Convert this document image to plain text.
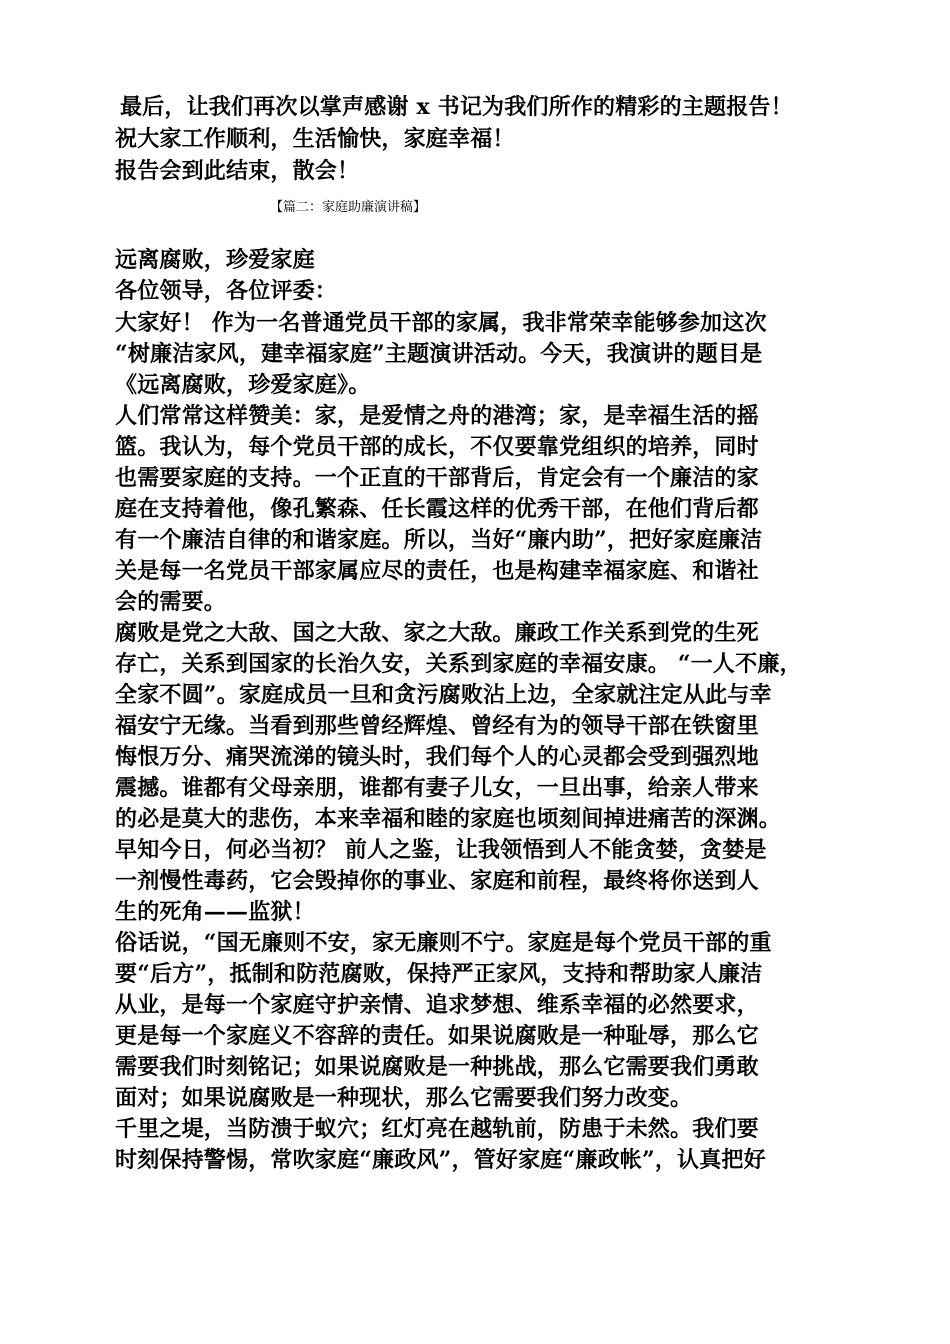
最后，让我们再次以掌声感谢 x 书记为我们所作的精彩的主题报告！
祝大家工作顺利，生活愉快，家庭幸福！
报告会到此结束，散会！
【篇二：家庭助廉演讲稿】
远离腐败，珍爱家庭
各位领导，各位评委：
大家好！ 作为一名普通党员干部的家属，我非常荣幸能够参加这次
“树廉洁家风，建幸福家庭”主题演讲活动。今天，我演讲的题目是
《远离腐败，珍爱家庭》。
人们常常这样赞美：家，是爱情之舟的港湾；家，是幸福生活的摇
篮。我认为，每个党员干部的成长，不仅要靠党组织的培养，同时
也需要家庭的支持。一个正直的干部背后，肯定会有一个廉洁的家
庭在支持着他，像孔繁森、任长霞这样的优秀干部，在他们背后都
有一个廉洁自律的和谐家庭。所以，当好“廉内助”，把好家庭廉洁
关是每一名党员干部家属应尽的责任，也是构建幸福家庭、和谐社
会的需要。
腐败是党之大敌、国之大敌、家之大敌。廉政工作关系到党的生死
存亡，关系到国家的长治久安，关系到家庭的幸福安康。 “一人不廉，
全家不圆”。家庭成员一旦和贪污腐败沾上边，全家就注定从此与幸
福安宁无缘。当看到那些曾经辉煌、曾经有为的领导干部在铁窗里
悔恨万分、痛哭流涕的镜头时，我们每个人的心灵都会受到强烈地
震撼。谁都有父母亲朋，谁都有妻子儿女，一旦出事，给亲人带来
的必是莫大的悲伤，本来幸福和睦的家庭也顷刻间掉进痛苦的深渊。
早知今日，何必当初？ 前人之鉴，让我领悟到人不能贪婪，贪婪是
一剂慢性毒药，它会毁掉你的事业、家庭和前程，最终将你送到人
生的死角——监狱！
俗话说，“国无廉则不安，家无廉则不宁。家庭是每个党员干部的重
要“后方”，抵制和防范腐败，保持严正家风，支持和帮助家人廉洁
从业，是每一个家庭守护亲情、追求梦想、维系幸福的必然要求，
更是每一个家庭义不容辞的责任。如果说腐败是一种耻辱，那么它
需要我们时刻铭记；如果说腐败是一种挑战，那么它需要我们勇敢
面对；如果说腐败是一种现状，那么它需要我们努力改变。
千里之堤，当防溃于蚁穴；红灯亮在越轨前，防患于未然。我们要
时刻保持警惕，常吹家庭“廉政风”，管好家庭“廉政帐”，认真把好
